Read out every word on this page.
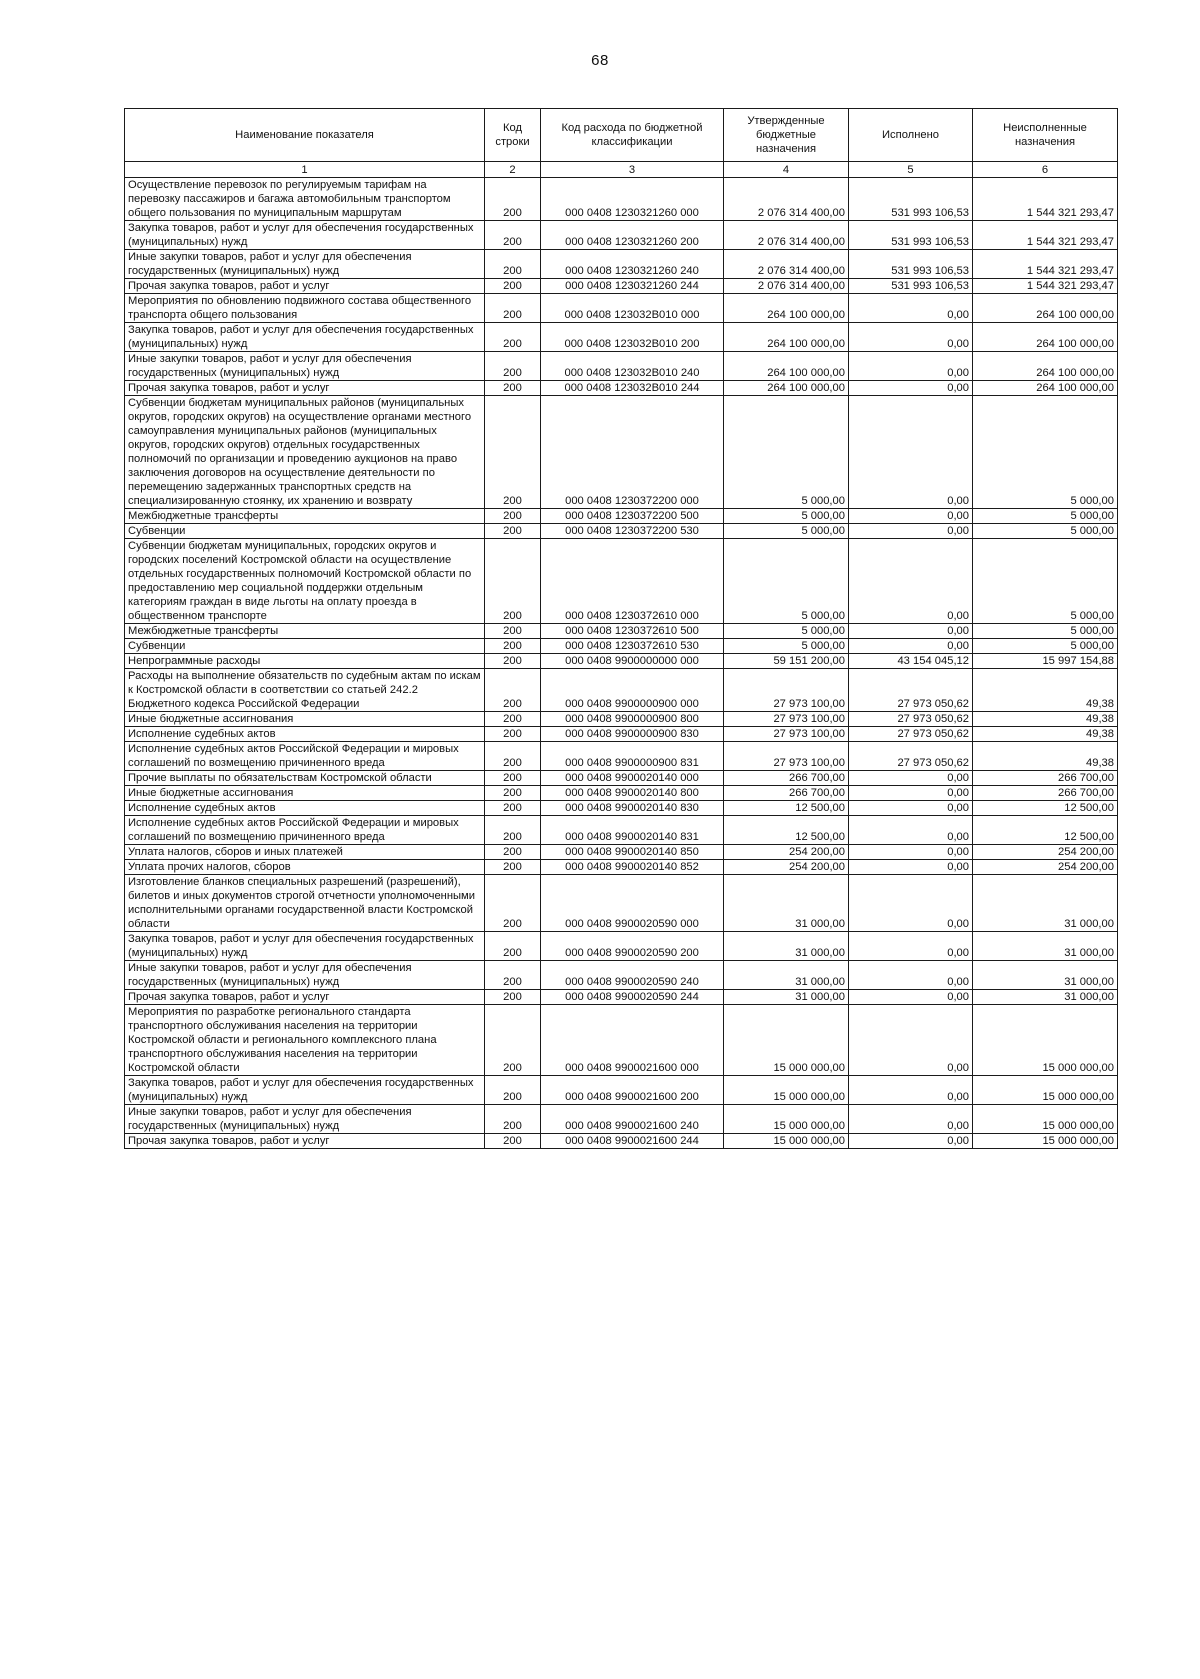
68
Наименование показателя	Код строки	Код расхода по бюджетной классификации	Утвержденные бюджетные назначения	Исполнено	Неисполненные назначения
1	2	3	4	5	6
Осуществление перевозок по регулируемым тарифам на перевозку пассажиров и багажа автомобильным транспортом общего пользования по муниципальным маршрутам	200	000 0408 1230321260 000	2 076 314 400,00	531 993 106,53	1 544 321 293,47
Закупка товаров, работ и услуг для обеспечения государственных (муниципальных) нужд	200	000 0408 1230321260 200	2 076 314 400,00	531 993 106,53	1 544 321 293,47
Иные закупки товаров, работ и услуг для обеспечения государственных (муниципальных) нужд	200	000 0408 1230321260 240	2 076 314 400,00	531 993 106,53	1 544 321 293,47
Прочая закупка товаров, работ и услуг	200	000 0408 1230321260 244	2 076 314 400,00	531 993 106,53	1 544 321 293,47
Мероприятия по обновлению подвижного состава общественного транспорта общего пользования	200	000 0408 123032В010 000	264 100 000,00	0,00	264 100 000,00
Закупка товаров, работ и услуг для обеспечения государственных (муниципальных) нужд	200	000 0408 123032В010 200	264 100 000,00	0,00	264 100 000,00
Иные закупки товаров, работ и услуг для обеспечения государственных (муниципальных) нужд	200	000 0408 123032В010 240	264 100 000,00	0,00	264 100 000,00
Прочая закупка товаров, работ и услуг	200	000 0408 123032В010 244	264 100 000,00	0,00	264 100 000,00
Субвенции бюджетам муниципальных районов (муниципальных округов, городских округов) на осуществление органами местного самоуправления муниципальных районов (муниципальных округов, городских округов) отдельных государственных полномочий по организации и проведению аукционов на право заключения договоров на осуществление деятельности по перемещению задержанных транспортных средств на специализированную стоянку, их хранению и возврату	200	000 0408 1230372200 000	5 000,00	0,00	5 000,00
Межбюджетные трансферты	200	000 0408 1230372200 500	5 000,00	0,00	5 000,00
Субвенции	200	000 0408 1230372200 530	5 000,00	0,00	5 000,00
Субвенции бюджетам муниципальных, городских округов и городских поселений Костромской области на осуществление отдельных государственных полномочий Костромской области по предоставлению мер социальной поддержки отдельным категориям граждан в виде льготы на оплату проезда в общественном транспорте	200	000 0408 1230372610 000	5 000,00	0,00	5 000,00
Межбюджетные трансферты	200	000 0408 1230372610 500	5 000,00	0,00	5 000,00
Субвенции	200	000 0408 1230372610 530	5 000,00	0,00	5 000,00
Непрограммные расходы	200	000 0408 9900000000 000	59 151 200,00	43 154 045,12	15 997 154,88
Расходы на выполнение обязательств по судебным актам по искам к Костромской области в соответствии со статьей 242.2 Бюджетного кодекса Российской Федерации	200	000 0408 9900000900 000	27 973 100,00	27 973 050,62	49,38
Иные бюджетные ассигнования	200	000 0408 9900000900 800	27 973 100,00	27 973 050,62	49,38
Исполнение судебных актов	200	000 0408 9900000900 830	27 973 100,00	27 973 050,62	49,38
Исполнение судебных актов Российской Федерации и мировых соглашений по возмещению причиненного вреда	200	000 0408 9900000900 831	27 973 100,00	27 973 050,62	49,38
Прочие выплаты по обязательствам Костромской области	200	000 0408 9900020140 000	266 700,00	0,00	266 700,00
Иные бюджетные ассигнования	200	000 0408 9900020140 800	266 700,00	0,00	266 700,00
Исполнение судебных актов	200	000 0408 9900020140 830	12 500,00	0,00	12 500,00
Исполнение судебных актов Российской Федерации и мировых соглашений по возмещению причиненного вреда	200	000 0408 9900020140 831	12 500,00	0,00	12 500,00
Уплата налогов, сборов и иных платежей	200	000 0408 9900020140 850	254 200,00	0,00	254 200,00
Уплата прочих налогов, сборов	200	000 0408 9900020140 852	254 200,00	0,00	254 200,00
Изготовление бланков специальных разрешений (разрешений), билетов и иных документов строгой отчетности уполномоченными исполнительными органами государственной власти Костромской области	200	000 0408 9900020590 000	31 000,00	0,00	31 000,00
Закупка товаров, работ и услуг для обеспечения государственных (муниципальных) нужд	200	000 0408 9900020590 200	31 000,00	0,00	31 000,00
Иные закупки товаров, работ и услуг для обеспечения государственных (муниципальных) нужд	200	000 0408 9900020590 240	31 000,00	0,00	31 000,00
Прочая закупка товаров, работ и услуг	200	000 0408 9900020590 244	31 000,00	0,00	31 000,00
Мероприятия по разработке регионального стандарта транспортного обслуживания населения на территории Костромской области и регионального комплексного плана транспортного обслуживания населения на территории Костромской области	200	000 0408 9900021600 000	15 000 000,00	0,00	15 000 000,00
Закупка товаров, работ и услуг для обеспечения государственных (муниципальных) нужд	200	000 0408 9900021600 200	15 000 000,00	0,00	15 000 000,00
Иные закупки товаров, работ и услуг для обеспечения государственных (муниципальных) нужд	200	000 0408 9900021600 240	15 000 000,00	0,00	15 000 000,00
Прочая закупка товаров, работ и услуг	200	000 0408 9900021600 244	15 000 000,00	0,00	15 000 000,00
